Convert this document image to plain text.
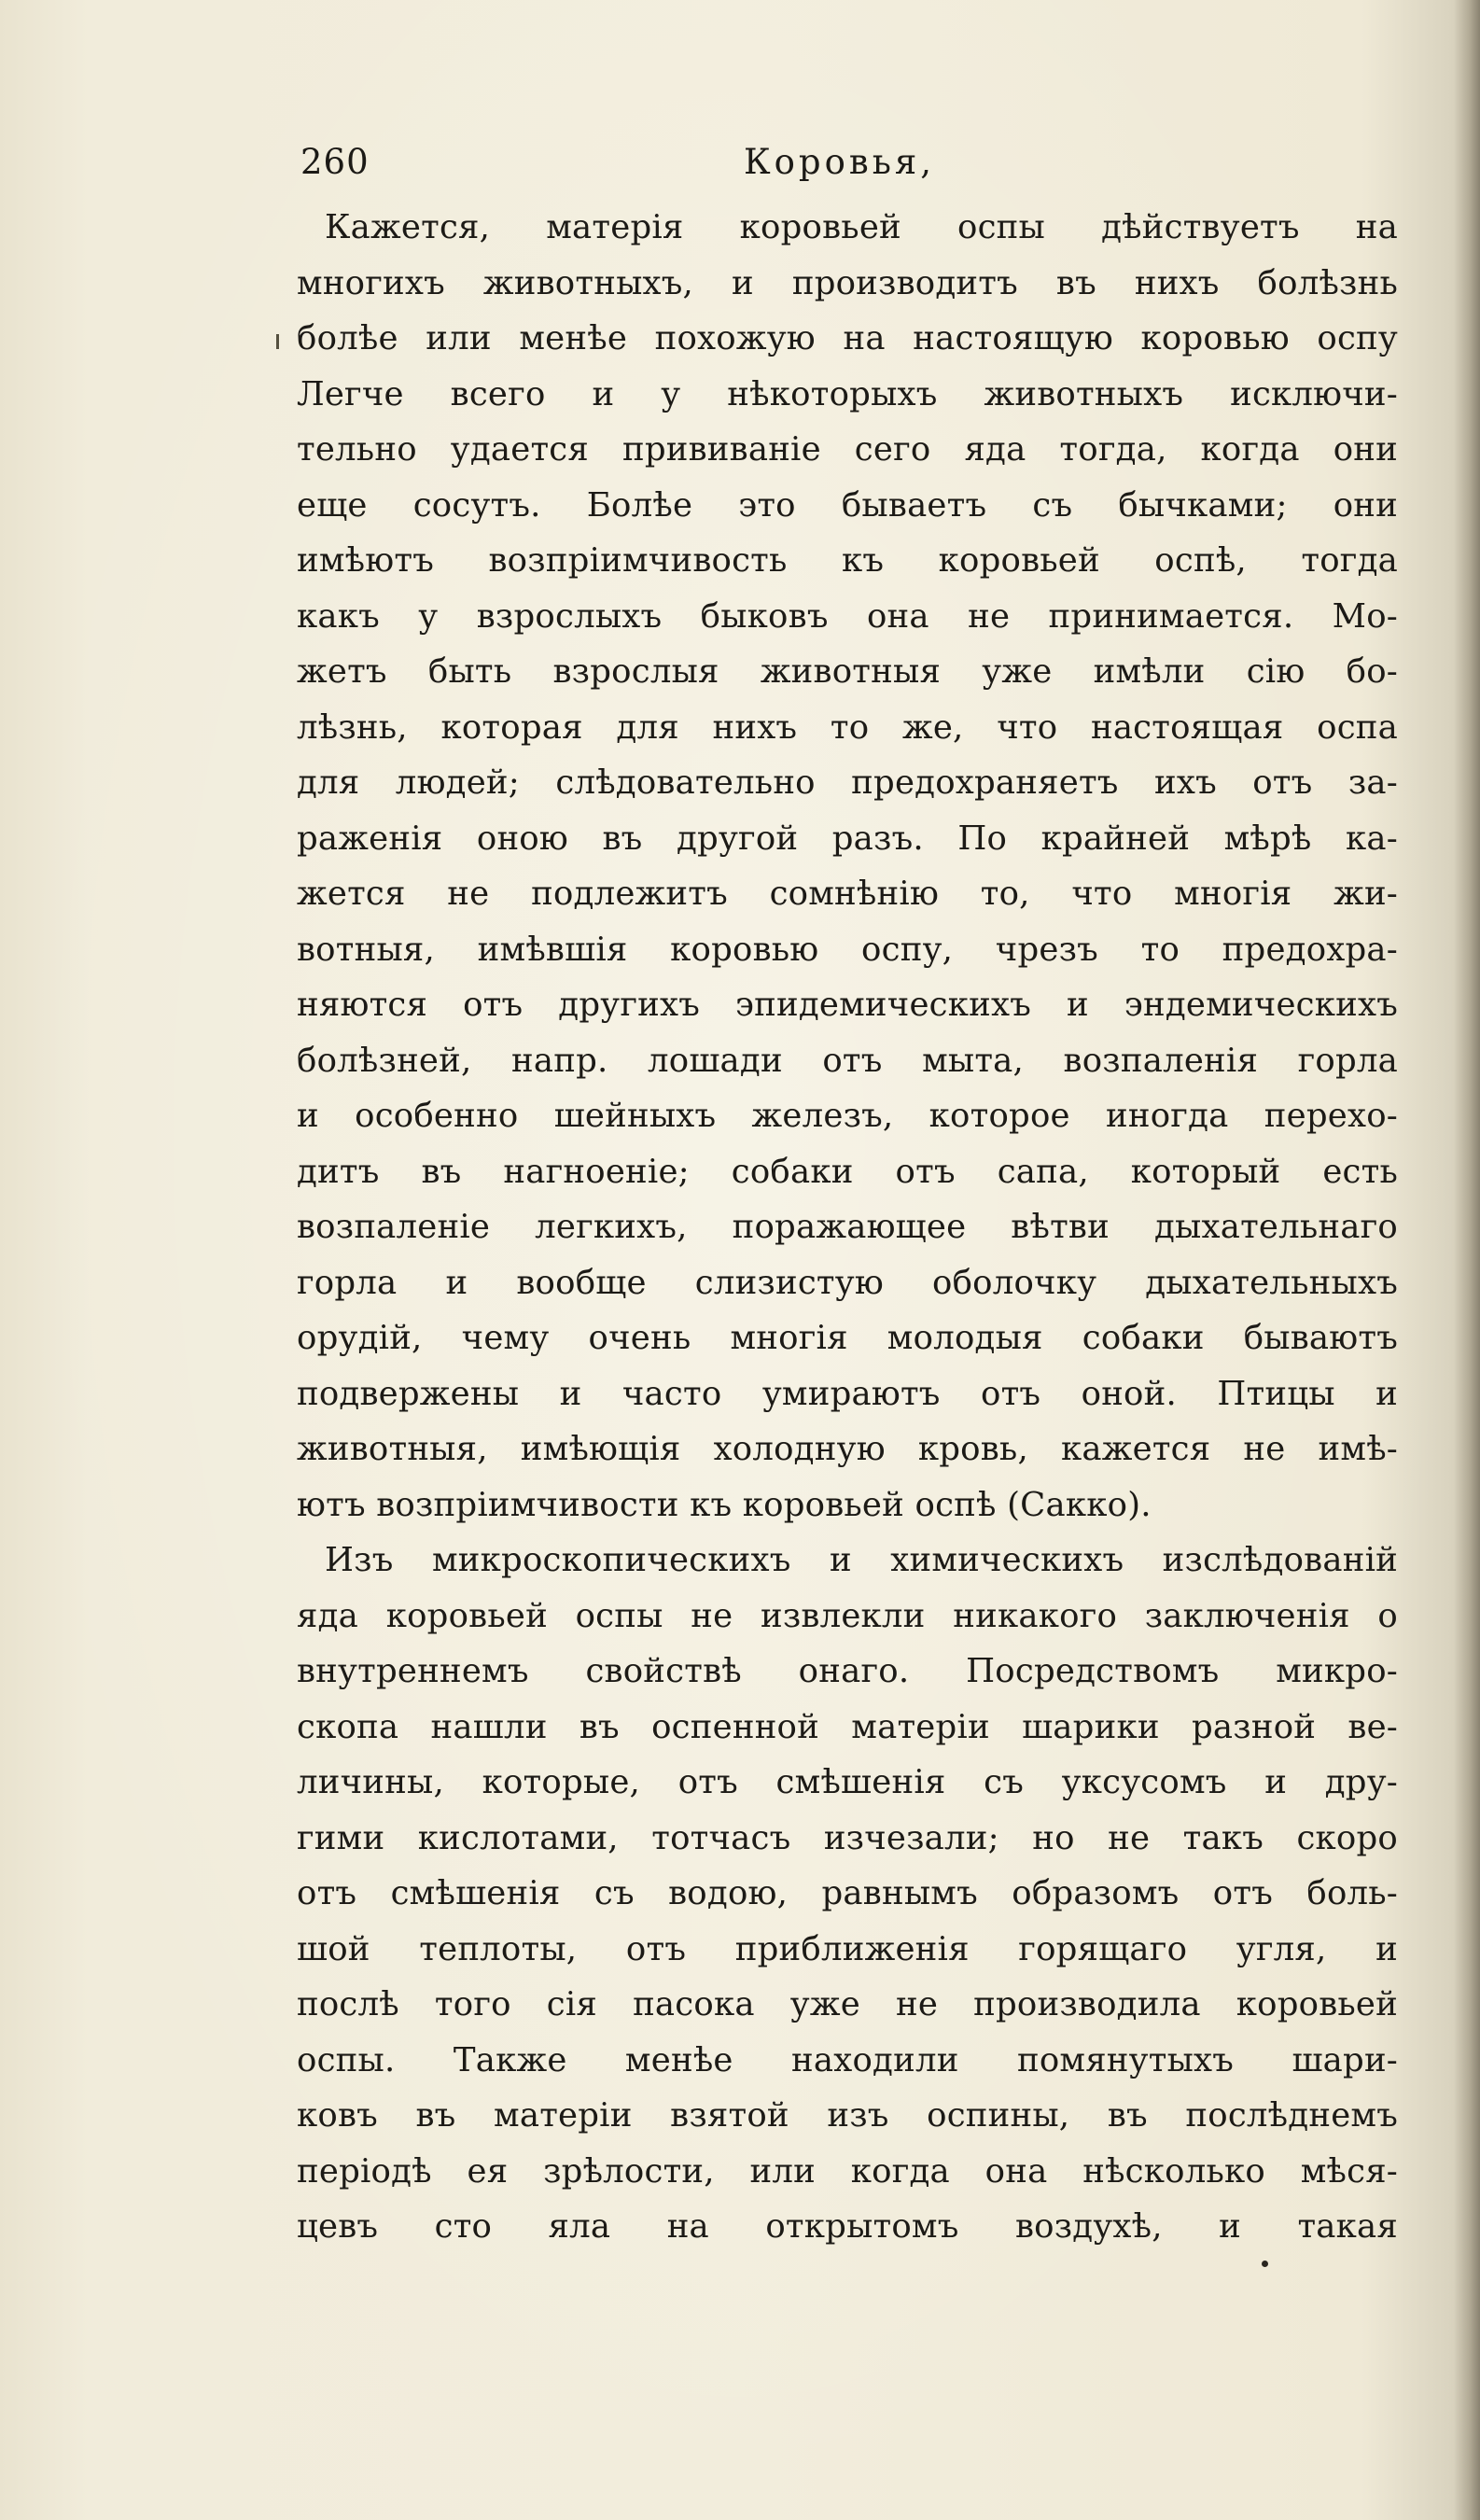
260	Коровья,
Кажется, матерія коровьей оспы дѣйствуетъ на
многихъ животныхъ, и производитъ въ нихъ болѣзнь
болѣе или менѣе похожую на настоящую коровью оспу
Легче всего и у нѣкоторыхъ животныхъ исключи-
тельно удается прививаніе сего яда тогда, когда они
еще сосутъ. Болѣе это бываетъ съ бычками; они
имѣютъ возпріимчивость къ коровьей оспѣ, тогда
какъ у взрослыхъ быковъ она не принимается. Мо-
жетъ быть взрослыя животныя уже имѣли сію бо-
лѣзнь, которая для нихъ то же, что настоящая оспа
для людей; слѣдовательно предохраняетъ ихъ отъ за-
раженія оною въ другой разъ. По крайней мѣрѣ ка-
жется не подлежитъ сомнѣнію то, что многія жи-
вотныя, имѣвшія коровью оспу, чрезъ то предохра-
няются отъ другихъ эпидемическихъ и эндемическихъ
болѣзней, напр. лошади отъ мыта, возпаленія горла
и особенно шейныхъ железъ, которое иногда перехо-
дитъ въ нагноеніе; собаки отъ сапа, который есть
возпаленіе легкихъ, поражающее вѣтви дыхательнаго
горла и вообще слизистую оболочку дыхательныхъ
орудій, чему очень многія молодыя собаки бываютъ
подвержены и часто умираютъ отъ оной. Птицы и
животныя, имѣющія холодную кровь, кажется не имѣ-
ютъ возпріимчивости къ коровьей оспѣ (Сакко).
Изъ микроскопическихъ и химическихъ изслѣдованій
яда коровьей оспы не извлекли никакого заключенія о
внутреннемъ свойствѣ онаго. Посредствомъ микро-
скопа нашли въ оспенной матеріи шарики разной ве-
личины, которые, отъ смѣшенія съ уксусомъ и дру-
гими кислотами, тотчасъ изчезали; но не такъ скоро
отъ смѣшенія съ водою, равнымъ образомъ отъ боль-
шой теплоты, отъ приближенія горящаго угля, и
послѣ того сія пасока уже не производила коровьей
оспы. Также менѣе находили помянутыхъ шари-
ковъ въ матеріи взятой изъ оспины, въ послѣднемъ
періодѣ ея зрѣлости, или когда она нѣсколько мѣся-
цевъ сто яла на открытомъ воздухѣ, и такая
